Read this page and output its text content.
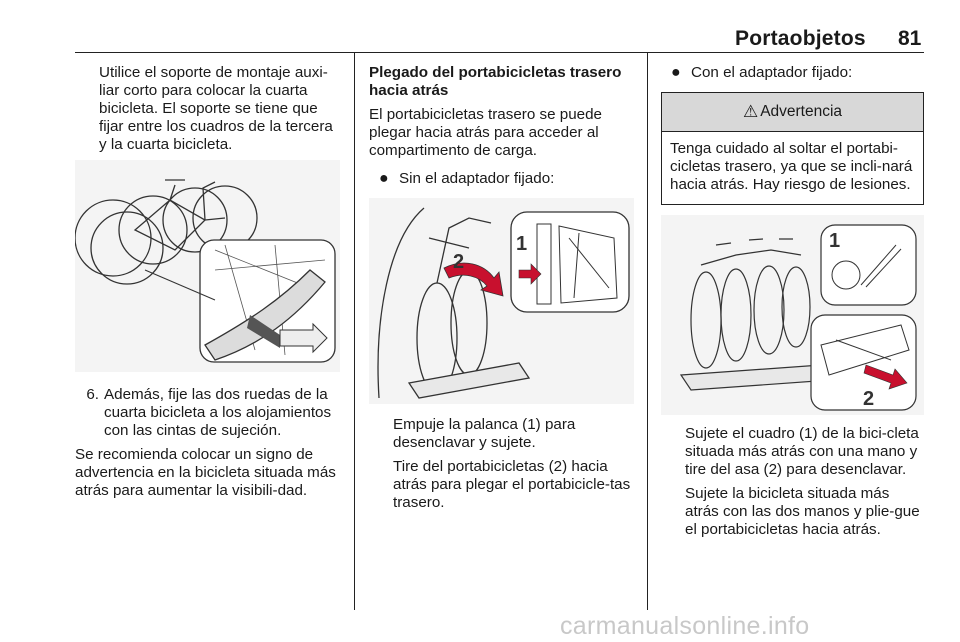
Portaobjetos 81

Utilice el soporte de montaje auxi-liar corto para colocar la cuarta bicicleta. El soporte se tiene que fijar entre los cuadros de la tercera y la cuarta bicicleta.

6. Además, fije las dos ruedas de la cuarta bicicleta a los alojamientos con las cintas de sujeción.

Se recomienda colocar un signo de advertencia en la bicicleta situada más atrás para aumentar la visibili-dad.

Plegado del portabicicletas trasero hacia atrás

El portabicicletas trasero se puede plegar hacia atrás para acceder al compartimento de carga.

● Sin el adaptador fijado:
1
2

Empuje la palanca (1) para desenclavar y sujete.

Tire del portabicicletas (2) hacia atrás para plegar el portabicicle-tas trasero.

● Con el adaptador fijado:
⚠ Advertencia
Tenga cuidado al soltar el portabi-cicletas trasero, ya que se incli-nará hacia atrás. Hay riesgo de lesiones.
1
2

Sujete el cuadro (1) de la bici-cleta situada más atrás con una mano y tire del asa (2) para desenclavar.

Sujete la bicicleta situada más atrás con las dos manos y plie-gue el portabicicletas hacia atrás.

carmanualsonline.info
